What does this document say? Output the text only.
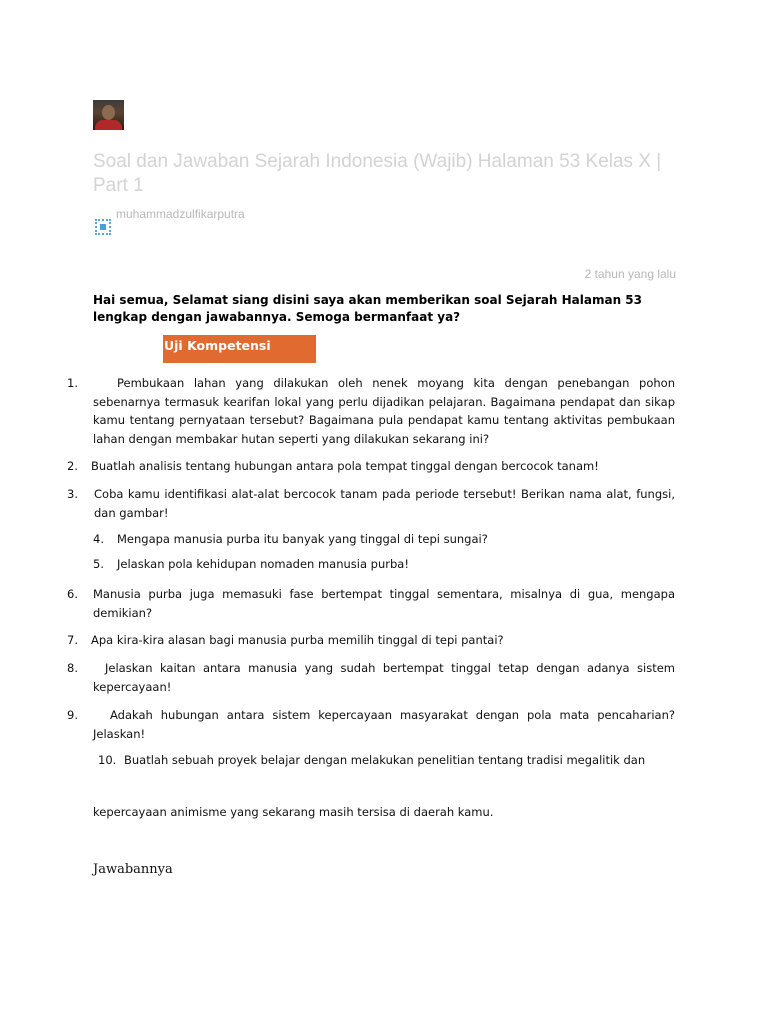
Soal dan Jawaban Sejarah Indonesia (Wajib) Halaman 53 Kelas X | Part 1
muhammadzulfikarputra
2 tahun yang lalu
Hai semua, Selamat siang disini saya akan memberikan soal Sejarah Halaman 53 lengkap dengan jawabannya. Semoga bermanfaat ya?
Uji Kompetensi
1.	Pembukaan lahan yang dilakukan oleh nenek moyang kita dengan penebangan pohon sebenarnya termasuk kearifan lokal yang perlu dijadikan pelajaran. Bagaimana pendapat dan sikap kamu tentang pernyataan tersebut? Bagaimana pula pendapat kamu tentang aktivitas pembukaan lahan dengan membakar hutan seperti yang dilakukan sekarang ini?
2. Buatlah analisis tentang hubungan antara pola tempat tinggal dengan bercocok tanam!
3. Coba kamu identifikasi alat-alat bercocok tanam pada periode tersebut! Berikan nama alat, fungsi, dan gambar!
4. Mengapa manusia purba itu banyak yang tinggal di tepi sungai?
5. Jelaskan pola kehidupan nomaden manusia purba!
6. Manusia purba juga memasuki fase bertempat tinggal sementara, misalnya di gua, mengapa demikian?
7. Apa kira-kira alasan bagi manusia purba memilih tinggal di tepi pantai?
8.	Jelaskan kaitan antara manusia yang sudah bertempat tinggal tetap dengan adanya sistem kepercayaan!
9.	Adakah hubungan antara sistem kepercayaan masyarakat dengan pola mata pencaharian? Jelaskan!
10. Buatlah sebuah proyek belajar dengan melakukan penelitian tentang tradisi megalitik dan
kepercayaan animisme yang sekarang masih tersisa di daerah kamu.
Jawabannya
